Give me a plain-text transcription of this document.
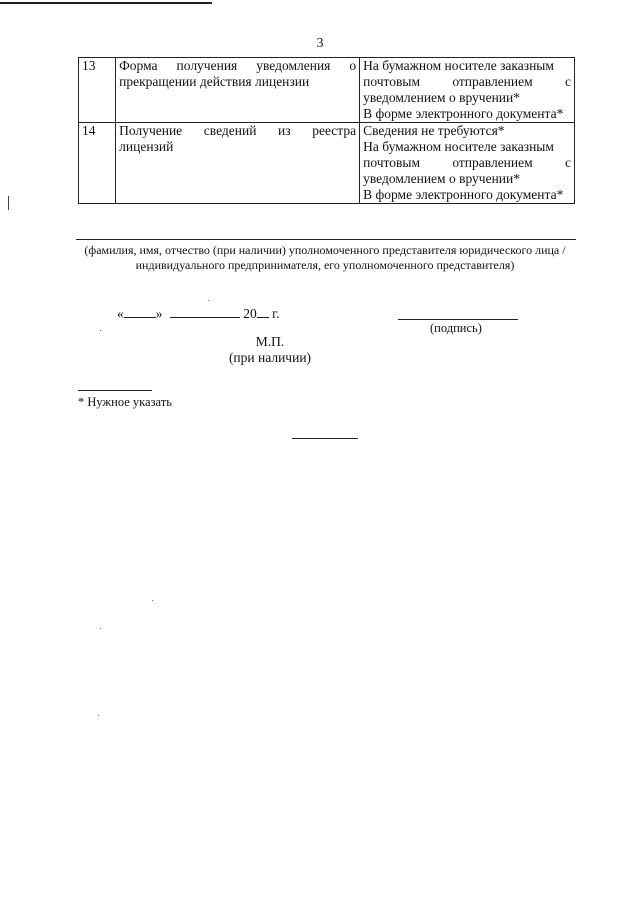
3
13	Форма получения уведомления о прекращении действия лицензии	На бумажном носителе заказным
почтовым отправлением с
уведомлением о вручении*
В форме электронного документа*

14	Получение сведений из реестра лицензий	Сведения не требуются*
На бумажном носителе заказным
почтовым отправлением с
уведомлением о вручении*
В форме электронного документа*
(фамилия, имя, отчество (при наличии) уполномоченного представителя юридического лица /
индивидуального предпринимателя, его уполномоченного представителя)
« »	20 г.
(подпись)
М.П.
(при наличии)
* Нужное указать
